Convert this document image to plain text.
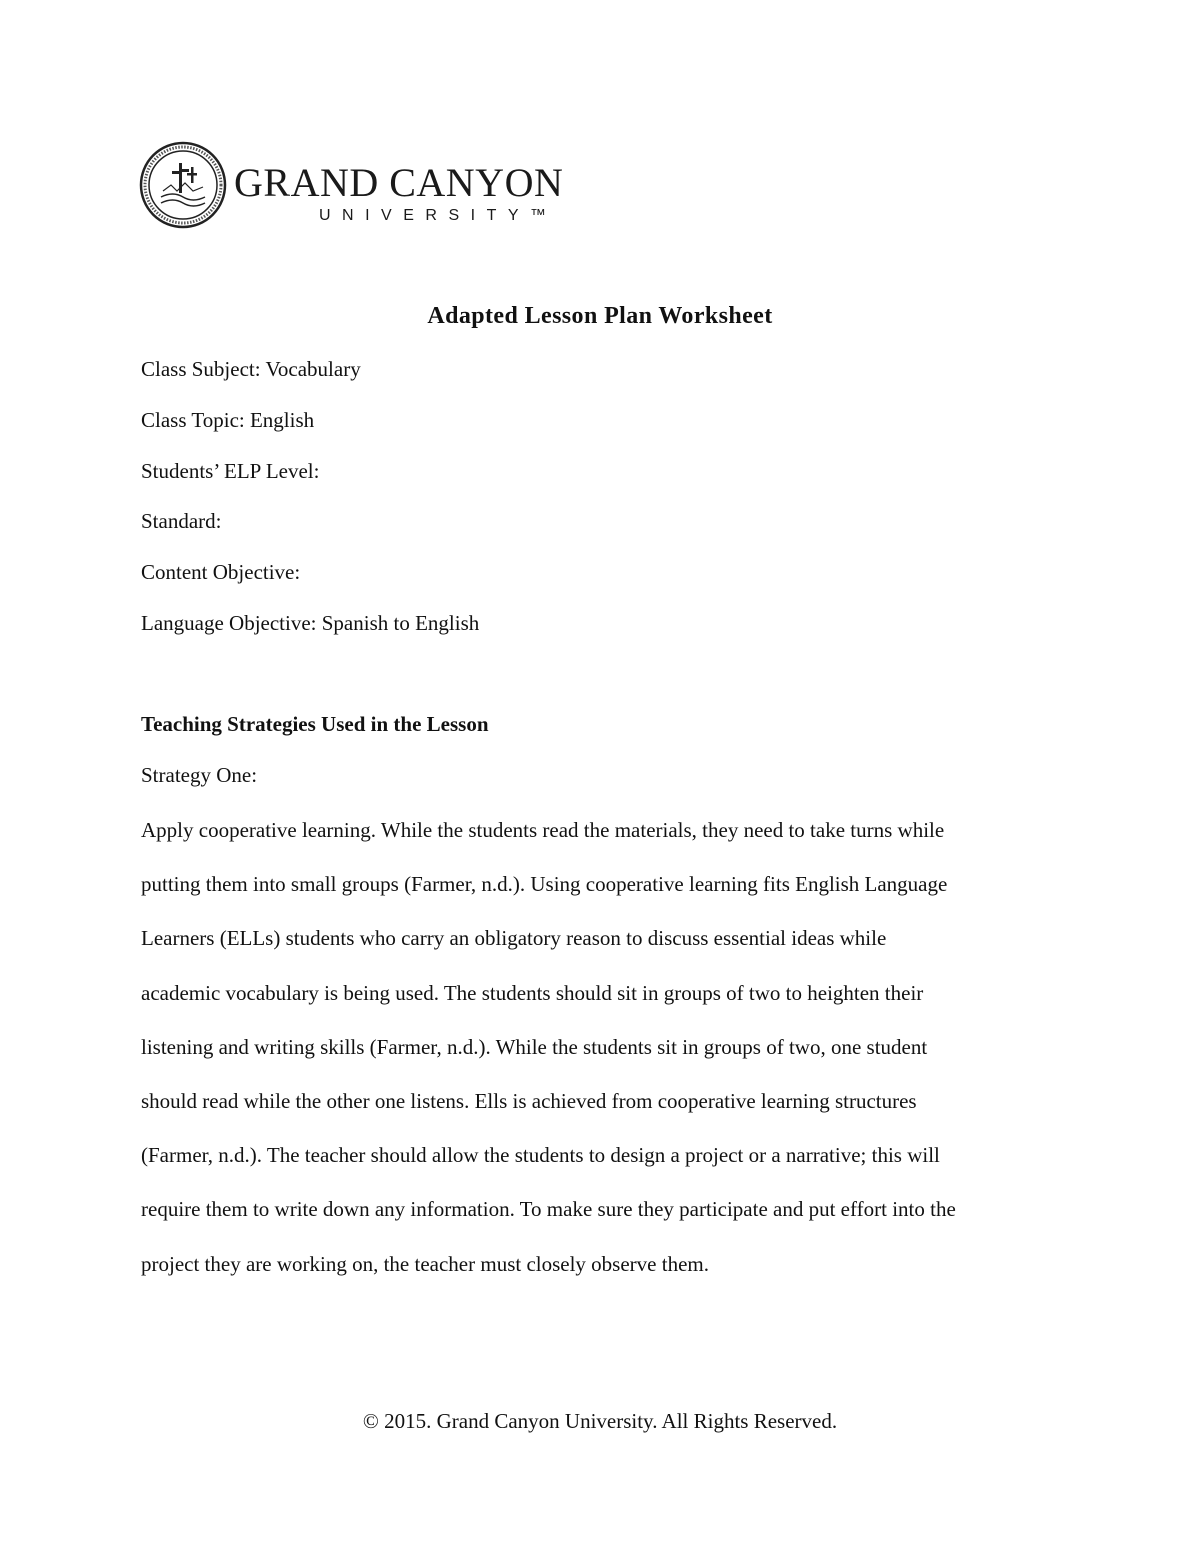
GRAND CANYON
UNIVERSITY™
Adapted Lesson Plan Worksheet
Class Subject: Vocabulary
Class Topic: English
Students’ ELP Level:
Standard:
Content Objective:
Language Objective: Spanish to English
Teaching Strategies Used in the Lesson
Strategy One:
Apply cooperative learning. While the students read the materials, they need to take turns while
putting them into small groups (Farmer, n.d.). Using cooperative learning fits English Language
Learners (ELLs) students who carry an obligatory reason to discuss essential ideas while
academic vocabulary is being used. The students should sit in groups of two to heighten their
listening and writing skills (Farmer, n.d.). While the students sit in groups of two, one student
should read while the other one listens. Ells is achieved from cooperative learning structures
(Farmer, n.d.). The teacher should allow the students to design a project or a narrative; this will
require them to write down any information. To make sure they participate and put effort into the
project they are working on, the teacher must closely observe them.
© 2015. Grand Canyon University. All Rights Reserved.
